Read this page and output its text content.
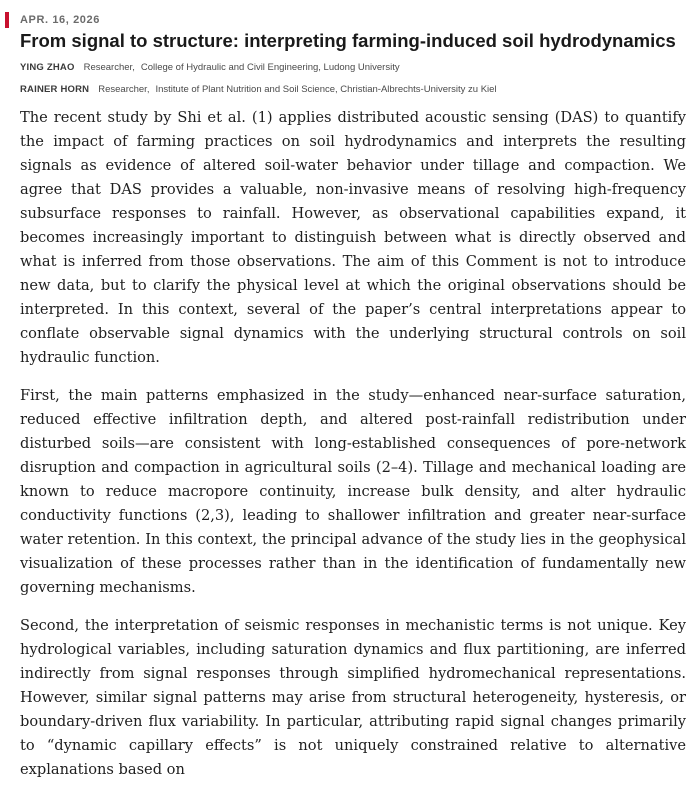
APR. 16, 2026
From signal to structure: interpreting farming-induced soil hydrodynamics
YING ZHAO Researcher, College of Hydraulic and Civil Engineering, Ludong University
RAINER HORN Researcher, Institute of Plant Nutrition and Soil Science, Christian-Albrechts-University zu Kiel

The recent study by Shi et al. (1) applies distributed acoustic sensing (DAS) to quantify the impact of farming practices on soil hydrodynamics and interprets the resulting signals as evidence of altered soil-water behavior under tillage and compaction. We agree that DAS provides a valuable, non-invasive means of resolving high-frequency subsurface responses to rainfall. However, as observational capabilities expand, it becomes increasingly important to distinguish between what is directly observed and what is inferred from those observations. The aim of this Comment is not to introduce new data, but to clarify the physical level at which the original observations should be interpreted. In this context, several of the paper’s central interpretations appear to conflate observable signal dynamics with the underlying structural controls on soil hydraulic function.

First, the main patterns emphasized in the study—enhanced near-surface saturation, reduced effective infiltration depth, and altered post-rainfall redistribution under disturbed soils—are consistent with long-established consequences of pore-network disruption and compaction in agricultural soils (2–4). Tillage and mechanical loading are known to reduce macropore continuity, increase bulk density, and alter hydraulic conductivity functions (2,3), leading to shallower infiltration and greater near-surface water retention. In this context, the principal advance of the study lies in the geophysical visualization of these processes rather than in the identification of fundamentally new governing mechanisms.

Second, the interpretation of seismic responses in mechanistic terms is not unique. Key hydrological variables, including saturation dynamics and flux partitioning, are inferred indirectly from signal responses through simplified hydromechanical representations. However, similar signal patterns may arise from structural heterogeneity, hysteresis, or boundary-driven flux variability. In particular, attributing rapid signal changes primarily to “dynamic capillary effects” is not uniquely constrained relative to alternative explanations based on
